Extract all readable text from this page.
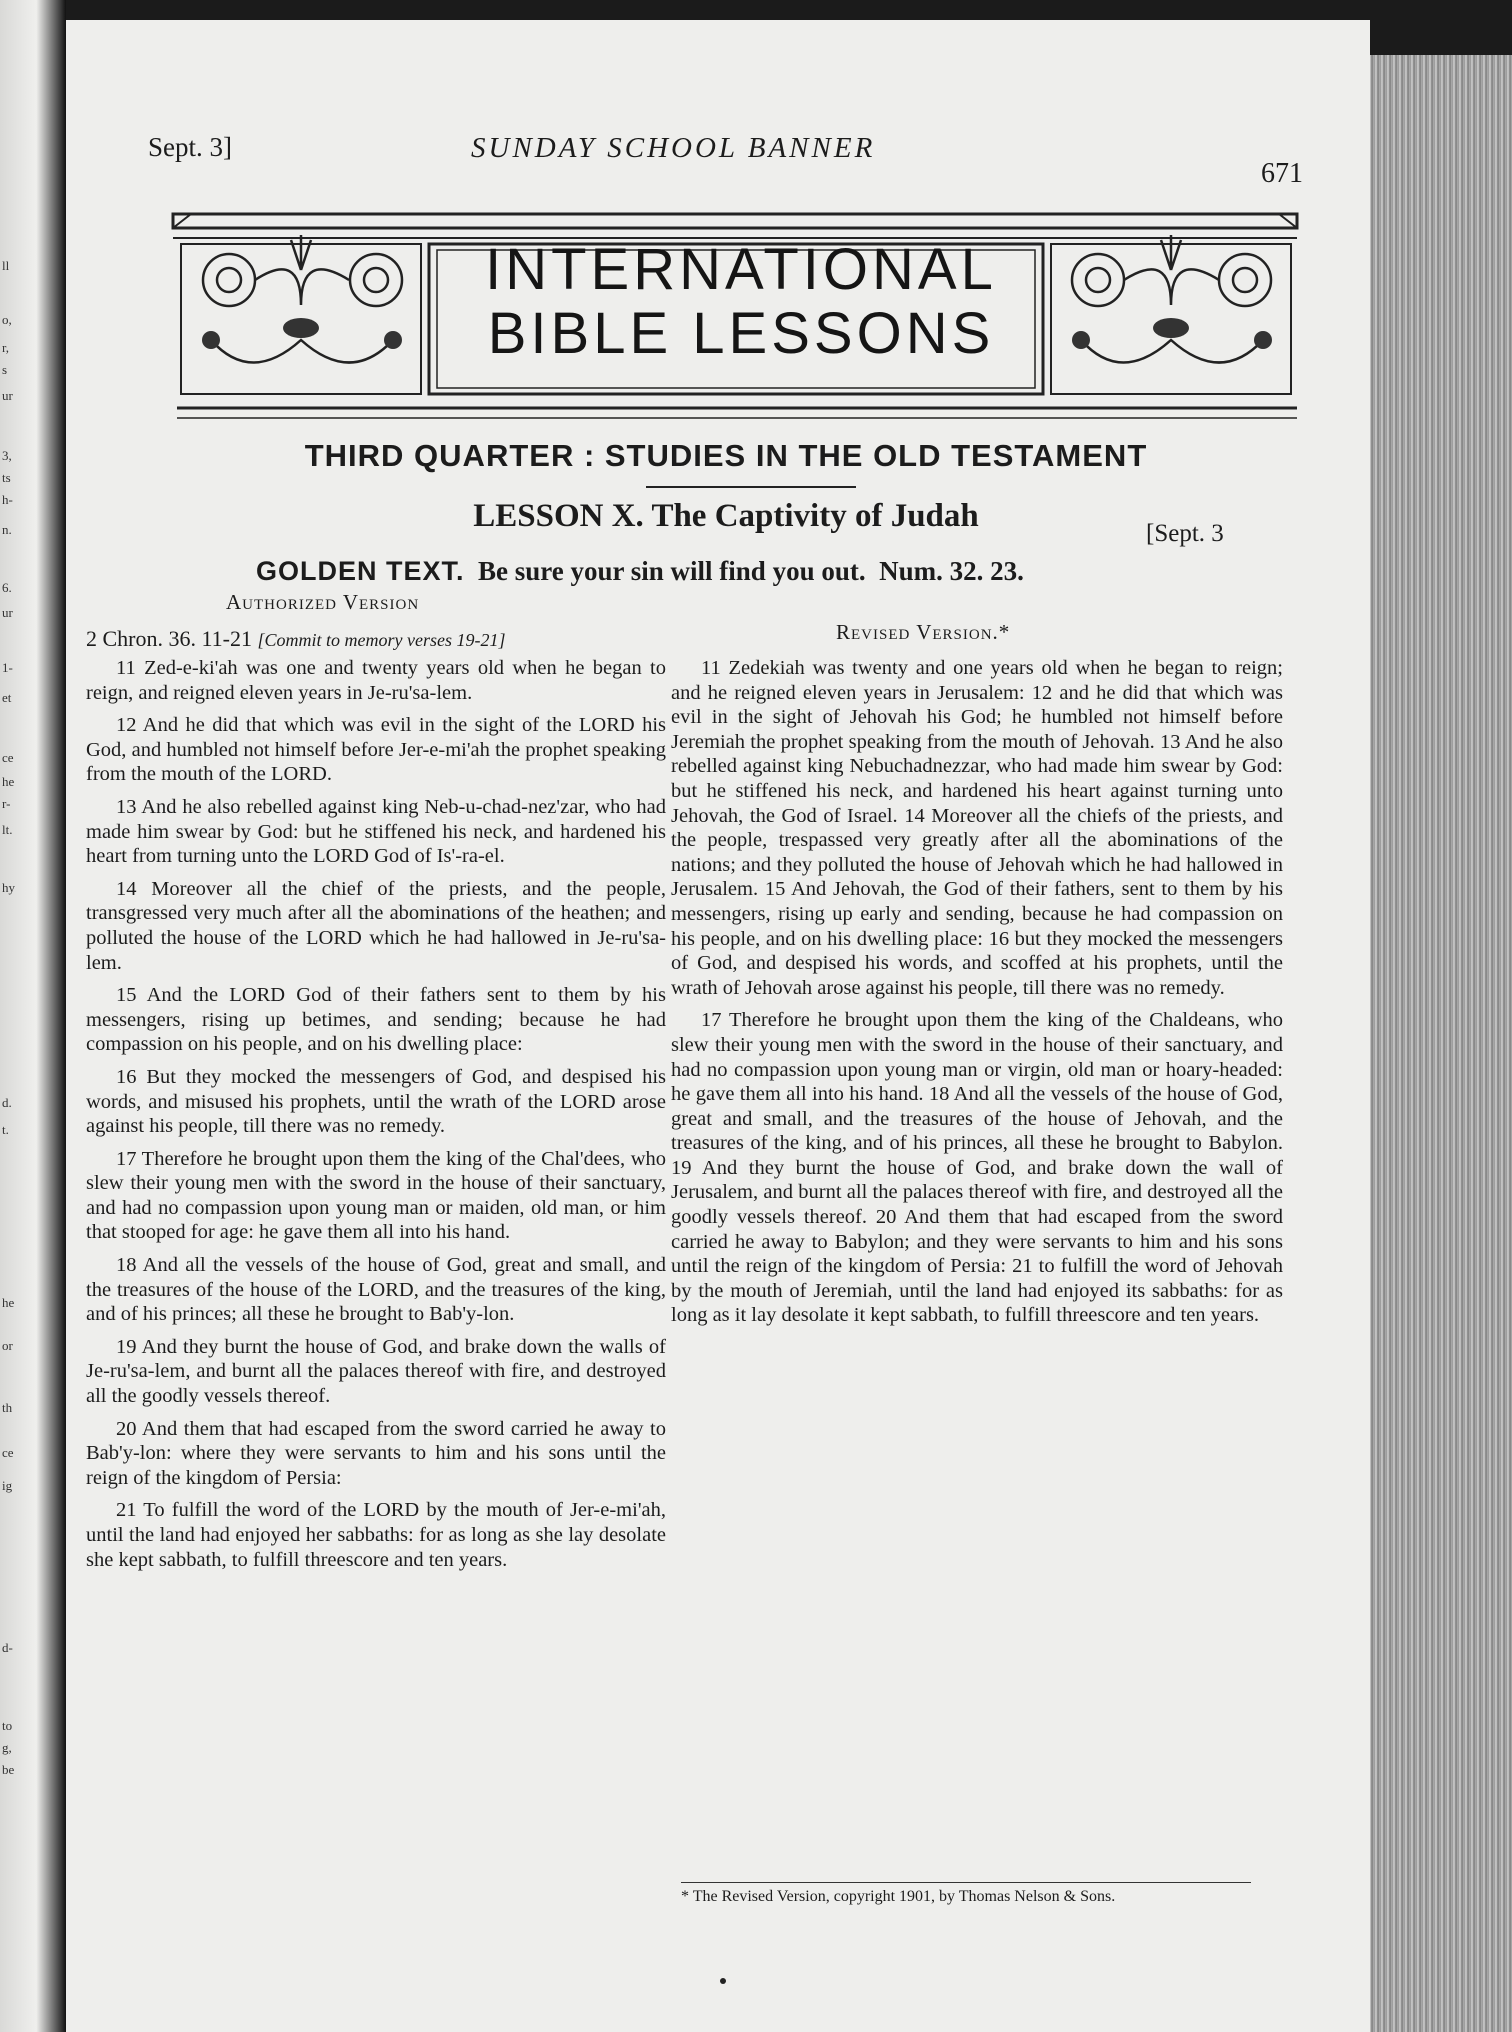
ll
o,
r,
s
ur
3,
ts
h-
n.
6.
ur
1-
et
ce
he
r-
lt.
hy
d.
t.
he
or
th
ce
ig
d-
to
g,
be
Sept. 3]	SUNDAY SCHOOL BANNER
671
INTERNATIONAL
BIBLE LESSONS
THIRD QUARTER : STUDIES IN THE OLD TESTAMENT
LESSON X. The Captivity of Judah	[Sept. 3
GOLDEN TEXT. Be sure your sin will find you out. Num. 32. 23.
Authorized Version
Revised Version.*
2 Chron. 36. 11-21 [Commit to memory verses 19-21]

11 Zed-e-ki'ah was one and twenty years old when he began to reign, and reigned eleven years in Je-ru'sa-lem.

12 And he did that which was evil in the sight of the LORD his God, and humbled not himself before Jer-e-mi'ah the prophet speaking from the mouth of the LORD.

13 And he also rebelled against king Neb-u-chad-nez'zar, who had made him swear by God: but he stiffened his neck, and hardened his heart from turning unto the LORD God of Is'-ra-el.

14 Moreover all the chief of the priests, and the people, transgressed very much after all the abominations of the heathen; and polluted the house of the LORD which he had hallowed in Je-ru'sa-lem.

15 And the LORD God of their fathers sent to them by his messengers, rising up betimes, and sending; because he had compassion on his people, and on his dwelling place:

16 But they mocked the messengers of God, and despised his words, and misused his prophets, until the wrath of the LORD arose against his people, till there was no remedy.

17 Therefore he brought upon them the king of the Chal'dees, who slew their young men with the sword in the house of their sanctuary, and had no compassion upon young man or maiden, old man, or him that stooped for age: he gave them all into his hand.

18 And all the vessels of the house of God, great and small, and the treasures of the house of the LORD, and the treasures of the king, and of his princes; all these he brought to Bab'y-lon.

19 And they burnt the house of God, and brake down the walls of Je-ru'sa-lem, and burnt all the palaces thereof with fire, and destroyed all the goodly vessels thereof.

20 And them that had escaped from the sword carried he away to Bab'y-lon: where they were servants to him and his sons until the reign of the kingdom of Persia:

21 To fulfill the word of the LORD by the mouth of Jer-e-mi'ah, until the land had enjoyed her sabbaths: for as long as she lay desolate she kept sabbath, to fulfill threescore and ten years.

11 Zedekiah was twenty and one years old when he began to reign; and he reigned eleven years in Jerusalem: 12 and he did that which was evil in the sight of Jehovah his God; he humbled not himself before Jeremiah the prophet speaking from the mouth of Jehovah. 13 And he also rebelled against king Nebuchadnezzar, who had made him swear by God: but he stiffened his neck, and hardened his heart against turning unto Jehovah, the God of Israel. 14 Moreover all the chiefs of the priests, and the people, trespassed very greatly after all the abominations of the nations; and they polluted the house of Jehovah which he had hallowed in Jerusalem. 15 And Jehovah, the God of their fathers, sent to them by his messengers, rising up early and sending, because he had compassion on his people, and on his dwelling place: 16 but they mocked the messengers of God, and despised his words, and scoffed at his prophets, until the wrath of Jehovah arose against his people, till there was no remedy.

17 Therefore he brought upon them the king of the Chaldeans, who slew their young men with the sword in the house of their sanctuary, and had no compassion upon young man or virgin, old man or hoary-headed: he gave them all into his hand. 18 And all the vessels of the house of God, great and small, and the treasures of the house of Jehovah, and the treasures of the king, and of his princes, all these he brought to Babylon. 19 And they burnt the house of God, and brake down the wall of Jerusalem, and burnt all the palaces thereof with fire, and destroyed all the goodly vessels thereof. 20 And them that had escaped from the sword carried he away to Babylon; and they were servants to him and his sons until the reign of the kingdom of Persia: 21 to fulfill the word of Jehovah by the mouth of Jeremiah, until the land had enjoyed its sabbaths: for as long as it lay desolate it kept sabbath, to fulfill threescore and ten years.

* The Revised Version, copyright 1901, by Thomas Nelson & Sons.
